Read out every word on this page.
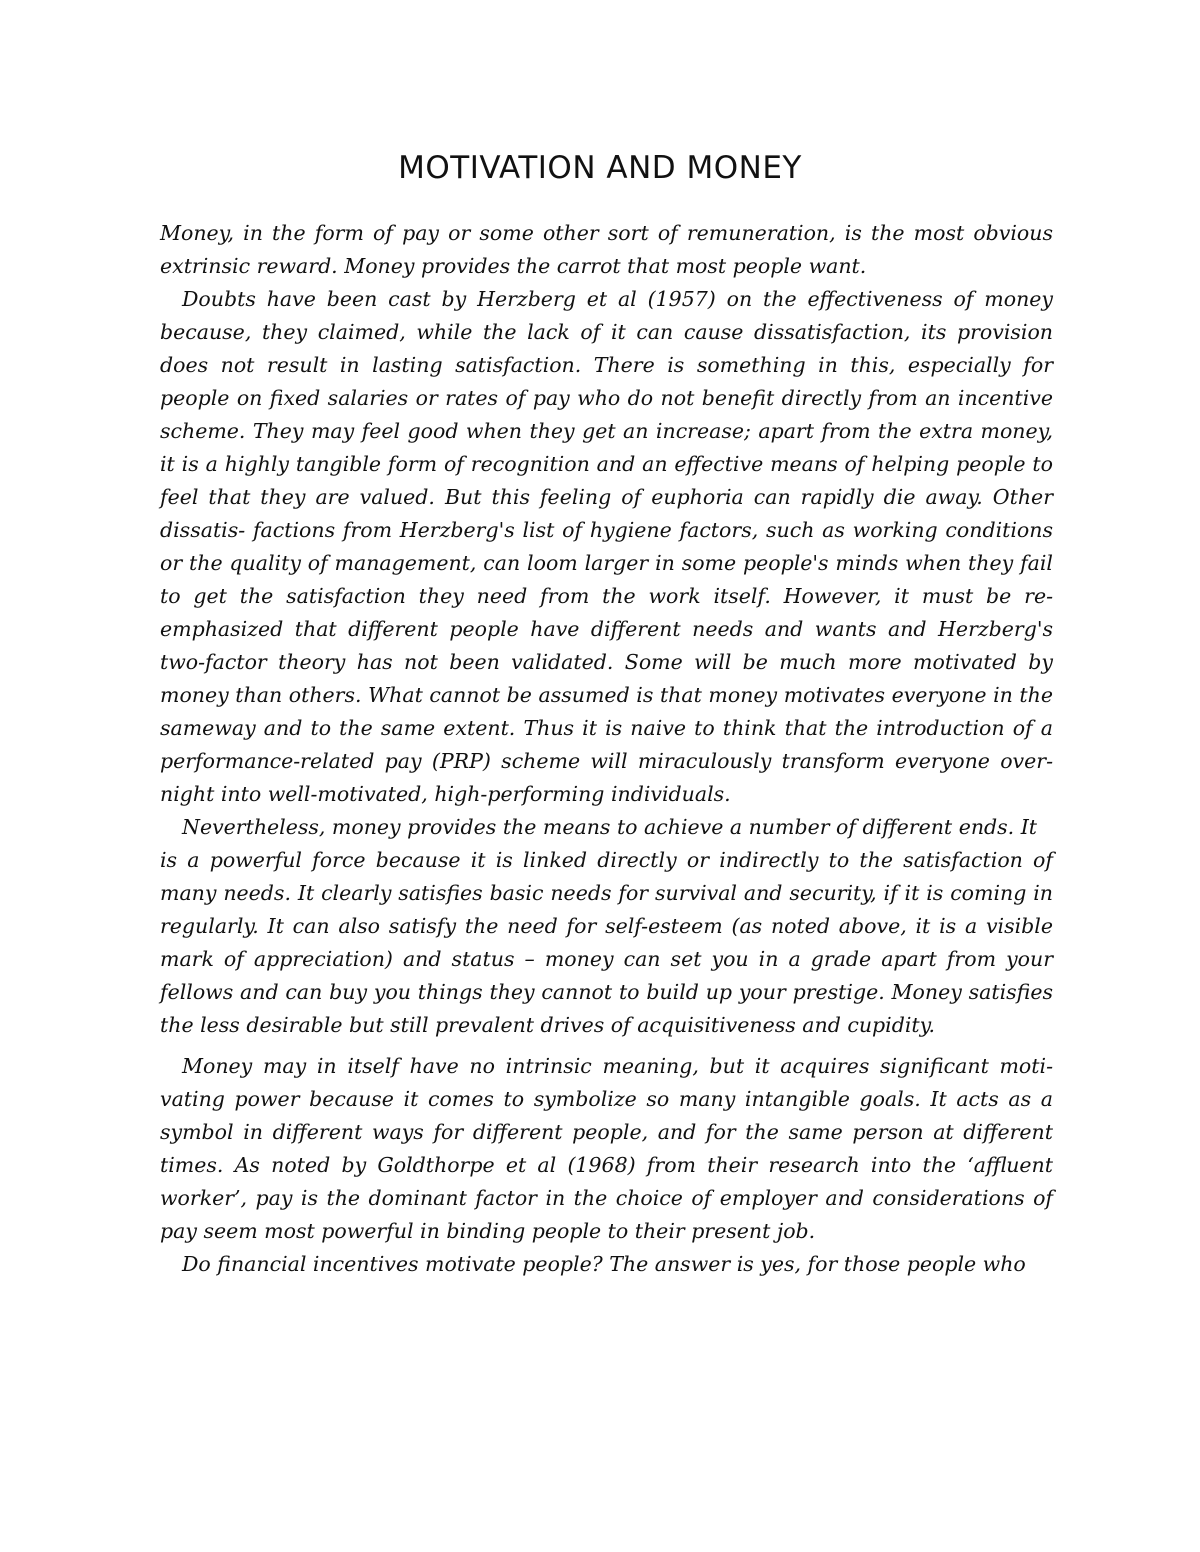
MOTIVATION AND MONEY

Money, in the form of pay or some other sort of remuneration, is the most obvious extrinsic reward. Money provides the carrot that most people want.

Doubts have been cast by Herzberg et al (1957) on the effectiveness of money because, they claimed, while the lack of it can cause dissatisfaction, its provision does not result in lasting satisfaction. There is something in this, especially for people on fixed salaries or rates of pay who do not benefit directly from an incentive scheme. They may feel good when they get an increase; apart from the extra money, it is a highly tangible form of recognition and an effective means of helping people to feel that they are valued. But this feeling of euphoria can rapidly die away. Other dissatis- factions from Herzberg's list of hygiene factors, such as working conditions or the quality of management, can loom larger in some people's minds when they fail to get the satisfaction they need from the work itself. However, it must be re-emphasized that different people have different needs and wants and Herzberg's two-factor theory has not been validated. Some will be much more motivated by money than others. What cannot be assumed is that money motivates everyone in the sameway and to the same extent. Thus it is naive to think that the introduction of a performance-related pay (PRP) scheme will miraculously transform everyone over- night into well-motivated, high-performing individuals.

Nevertheless, money provides the means to achieve a number of different ends. It

is a powerful force because it is linked directly or indirectly to the satisfaction of many needs. It clearly satisfies basic needs for survival and security, if it is coming in regularly. It can also satisfy the need for self-esteem (as noted above, it is a visible mark of appreciation) and status – money can set you in a grade apart from your fellows and can buy you things they cannot to build up your prestige. Money satisfies the less desirable but still prevalent drives of acquisitiveness and cupidity.

Money may in itself have no intrinsic meaning, but it acquires significant moti- vating power because it comes to symbolize so many intangible goals. It acts as a symbol in different ways for different people, and for the same person at different times. As noted by Goldthorpe et al (1968) from their research into the ‘affluent worker’, pay is the dominant factor in the choice of employer and considerations of pay seem most powerful in binding people to their present job.

Do financial incentives motivate people? The answer is yes, for those people who
